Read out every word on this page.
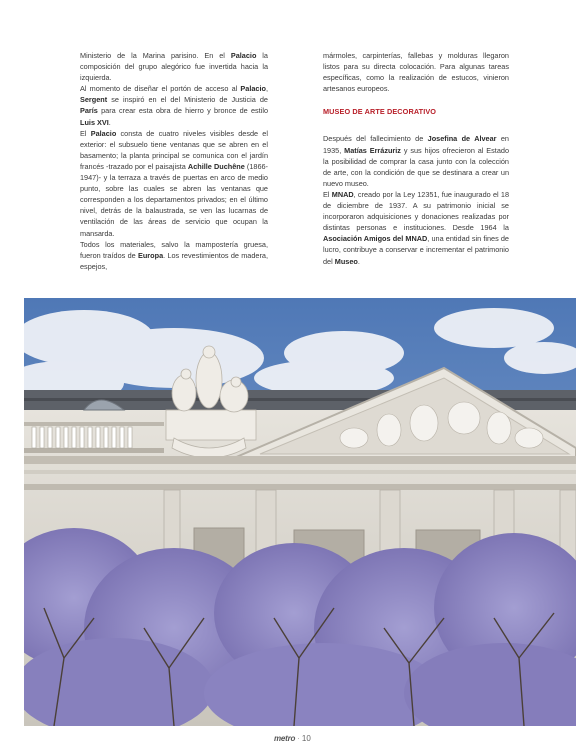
Ministerio de la Marina parisino. En el Palacio la composición del grupo alegórico fue invertida hacia la izquierda.

Al momento de diseñar el portón de acceso al Palacio, Sergent se inspiró en el del Ministerio de Justicia de París para crear esta obra de hierro y bronce de estilo Luis XVI.

El Palacio consta de cuatro niveles visibles desde el exterior: el subsuelo tiene ventanas que se abren en el basamento; la planta principal se comunica con el jardín francés -trazado por el paisajista Achille Duchêne (1866-1947)- y la terraza a través de puertas en arco de medio punto, sobre las cuales se abren las ventanas que corresponden a los departamentos privados; en el último nivel, detrás de la balaustrada, se ven las lucarnas de ventilación de las áreas de servicio que ocupan la mansarda.

Todos los materiales, salvo la mampostería gruesa, fueron traídos de Europa. Los revestimientos de madera, espejos,

mármoles, carpinterías, fallebas y molduras llegaron listos para su directa colocación. Para algunas tareas específicas, como la realización de estucos, vinieron artesanos europeos.

MUSEO DE ARTE DECORATIVO

Después del fallecimiento de Josefina de Alvear en 1935, Matías Errázuriz y sus hijos ofrecieron al Estado la posibilidad de comprar la casa junto con la colección de arte, con la condición de que se destinara a crear un nuevo museo.

El MNAD, creado por la Ley 12351, fue inaugurado el 18 de diciembre de 1937. A su patrimonio inicial se incorporaron adquisiciones y donaciones realizadas por distintas personas e instituciones. Desde 1964 la Asociación Amigos del MNAD, una entidad sin fines de lucro, contribuye a conservar e incrementar el patrimonio del Museo.

metro · 10
